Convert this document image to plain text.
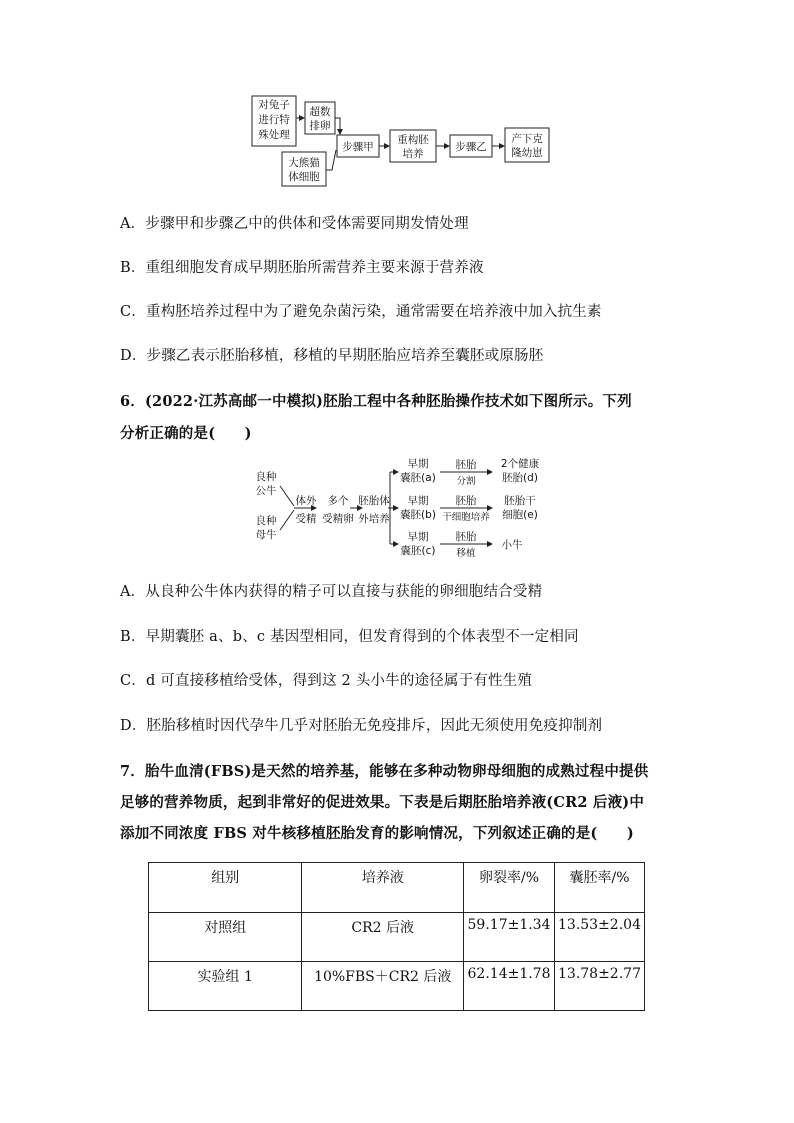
对兔子
进行特
殊处理
超数
排卵
大熊猫
体细胞
步骤甲
重构胚
培养
步骤乙
产下克
隆幼崽
A．步骤甲和步骤乙中的供体和受体需要同期发情处理
B．重组细胞发育成早期胚胎所需营养主要来源于营养液
C．重构胚培养过程中为了避免杂菌污染，通常需要在培养液中加入抗生素
D．步骤乙表示胚胎移植，移植的早期胚胎应培养至囊胚或原肠胚
6．(2022·江苏高邮一中模拟)胚胎工程中各种胚胎操作技术如下图所示。下列
分析正确的是(　　)
良种
公牛
良种
母牛
体外
受精
多个
受精卵
胚胎体
外培养
早期
囊胚(a)
早期
囊胚(b)
早期
囊胚(c)
胚胎
分割
胚胎
干细胞培养
胚胎
移植
2个健康
胚胎(d)
胚胎干
细胞(e)
小牛
A．从良种公牛体内获得的精子可以直接与获能的卵细胞结合受精
B．早期囊胚 a、b、c 基因型相同，但发育得到的个体表型不一定相同
C．d 可直接移植给受体，得到这 2 头小牛的途径属于有性生殖
D．胚胎移植时因代孕牛几乎对胚胎无免疫排斥，因此无须使用免疫抑制剂
7．胎牛血清(FBS)是天然的培养基，能够在多种动物卵母细胞的成熟过程中提供
足够的营养物质，起到非常好的促进效果。下表是后期胚胎培养液(CR2 后液)中
添加不同浓度 FBS 对牛核移植胚胎发育的影响情况，下列叙述正确的是(　　)
组别	培养液	卵裂率/%	囊胚率/%
对照组	CR2 后液	59.17±1.34	13.53±2.04
实验组 1	10%FBS＋CR2 后液	62.14±1.78	13.78±2.77
